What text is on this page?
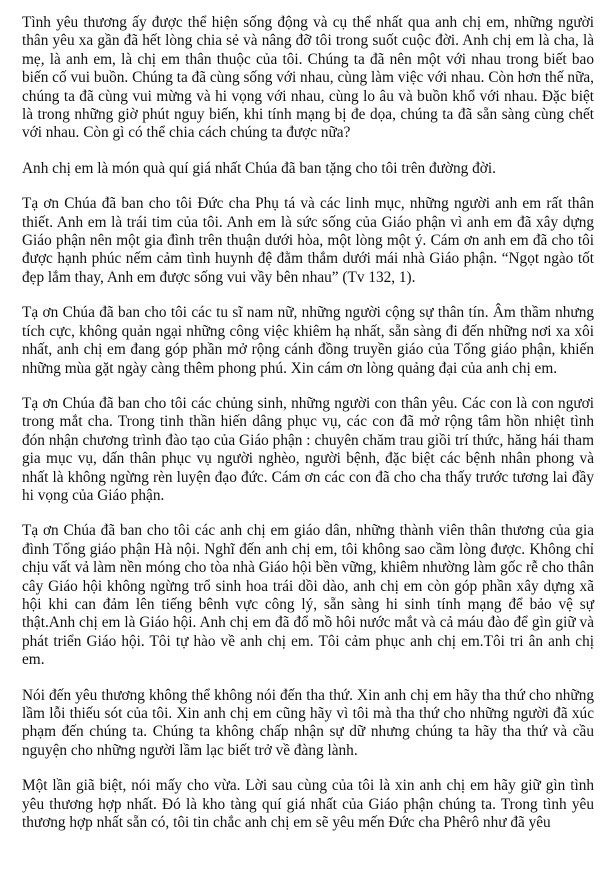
Tình yêu thương ấy được thể hiện sống động và cụ thể nhất qua anh chị em, những người thân yêu xa gần đã hết lòng chia sẻ và nâng đỡ tôi trong suốt cuộc đời. Anh chị em là cha, là mẹ, là anh em, là chị em thân thuộc của tôi. Chúng ta đã nên một với nhau trong biết bao biến cố vui buồn. Chúng ta đã cùng sống với nhau, cùng làm việc với nhau. Còn hơn thế nữa, chúng ta đã cùng vui mừng và hi vọng với nhau, cùng lo âu và buồn khổ với nhau. Đặc biệt là trong những giờ phút nguy biến, khi tính mạng bị đe dọa, chúng ta đã sẵn sàng cùng chết với nhau. Còn gì có thể chia cách chúng ta được nữa?

Anh chị em là món quà quí giá nhất Chúa đã ban tặng cho tôi trên đường đời.

Tạ ơn Chúa đã ban cho tôi Đức cha Phụ tá và các linh mục, những người anh em rất thân thiết. Anh em là trái tim của tôi. Anh em là sức sống của Giáo phận vì anh em đã xây dựng Giáo phận nên một gia đình trên thuận dưới hòa, một lòng một ý. Cám ơn anh em đã cho tôi được hạnh phúc nếm cảm tình huynh đệ đằm thắm dưới mái nhà Giáo phận. “Ngọt ngào tốt đẹp lắm thay, Anh em được sống vui vầy bên nhau” (Tv 132, 1).

Tạ ơn Chúa đã ban cho tôi các tu sĩ nam nữ, những người cộng sự thân tín. Âm thầm nhưng tích cực, không quản ngại những công việc khiêm hạ nhất, sẵn sàng đi đến những nơi xa xôi nhất, anh chị em đang góp phần mở rộng cánh đồng truyền giáo của Tổng giáo phận, khiến những mùa gặt ngày càng thêm phong phú. Xin cám ơn lòng quảng đại của anh chị em.

Tạ ơn Chúa đã ban cho tôi các chủng sinh, những người con thân yêu. Các con là con ngươi trong mắt cha. Trong tinh thần hiến dâng phục vụ, các con đã mở rộng tâm hồn nhiệt tình đón nhận chương trình đào tạo của Giáo phận : chuyên chăm trau giồi trí thức, hăng hái tham gia mục vụ, dấn thân phục vụ người nghèo, người bệnh, đặc biệt các bệnh nhân phong và nhất là không ngừng rèn luyện đạo đức. Cám ơn các con đã cho cha thấy trước tương lai đầy hi vọng của Giáo phận.

Tạ ơn Chúa đã ban cho tôi các anh chị em giáo dân, những thành viên thân thương của gia đình Tổng giáo phận Hà nội. Nghĩ đến anh chị em, tôi không sao cầm lòng được. Không chỉ chịu vất vả làm nền móng cho tòa nhà Giáo hội bền vững, khiêm nhường làm gốc rễ cho thân cây Giáo hội không ngừng trổ sinh hoa trái dồi dào, anh chị em còn góp phần xây dựng xã hội khi can đảm lên tiếng bênh vực công lý, sẵn sàng hi sinh tính mạng để bảo vệ sự thật.Anh chị em là Giáo hội. Anh chị em đã đổ mồ hôi nước mắt và cả máu đào để gìn giữ và phát triển Giáo hội. Tôi tự hào về anh chị em. Tôi cảm phục anh chị em.Tôi tri ân anh chị em.

Nói đến yêu thương không thể không nói đến tha thứ. Xin anh chị em hãy tha thứ cho những lầm lỗi thiếu sót của tôi. Xin anh chị em cũng hãy vì tôi mà tha thứ cho những người đã xúc phạm đến chúng ta. Chúng ta không chấp nhận sự dữ nhưng chúng ta hãy tha thứ và cầu nguyện cho những người lầm lạc biết trở về đàng lành.

Một lần giã biệt, nói mấy cho vừa. Lời sau cùng của tôi là xin anh chị em hãy giữ gìn tình yêu thương hợp nhất. Đó là kho tàng quí giá nhất của Giáo phận chúng ta. Trong tình yêu thương hợp nhất sẵn có, tôi tin chắc anh chị em sẽ yêu mến Đức cha Phêrô như đã yêu
